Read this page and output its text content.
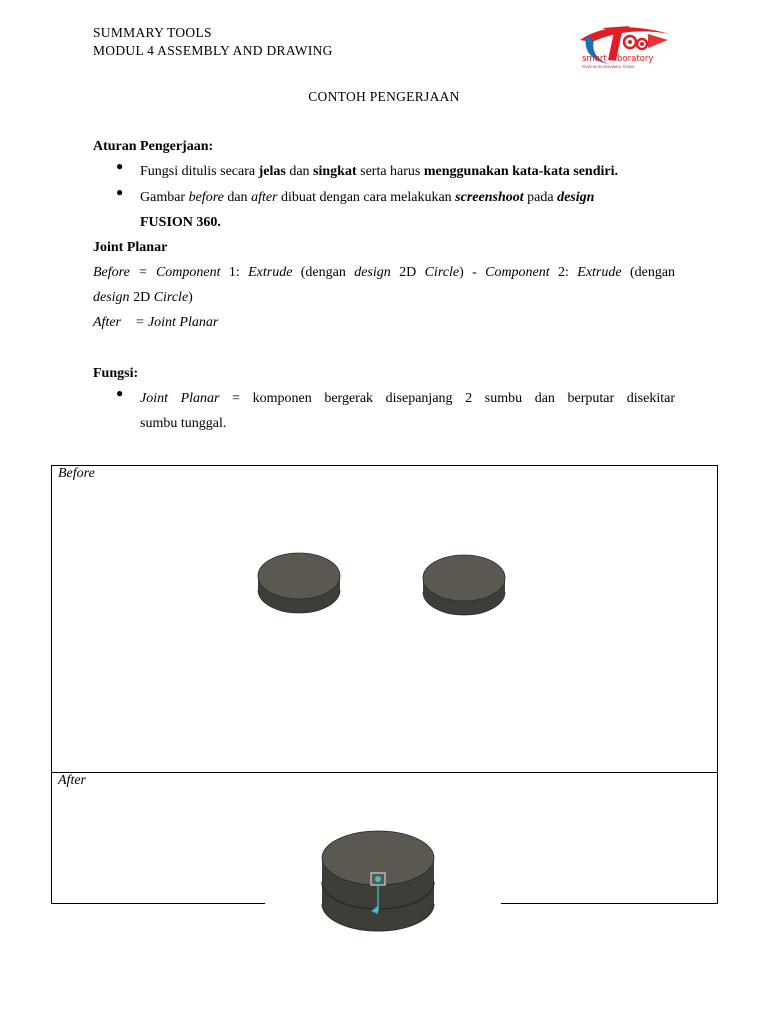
SUMMARY TOOLS
MODUL 4 ASSEMBLY AND DRAWING
smart laboratory
PRAKTIKUM MEKANIKA TEKNIK
CONTOH PENGERJAAN
Aturan Pengerjaan:
● Fungsi ditulis secara jelas dan singkat serta harus menggunakan kata-kata sendiri.
● Gambar before dan after dibuat dengan cara melakukan screenshoot pada design
FUSION 360.
Joint Planar
Before = Component 1: Extrude (dengan design 2D Circle) - Component 2: Extrude (dengan
design 2D Circle)
After    = Joint Planar
Fungsi:
● Joint Planar = komponen bergerak disepanjang 2 sumbu dan berputar disekitar
sumbu tunggal.
Before
After
